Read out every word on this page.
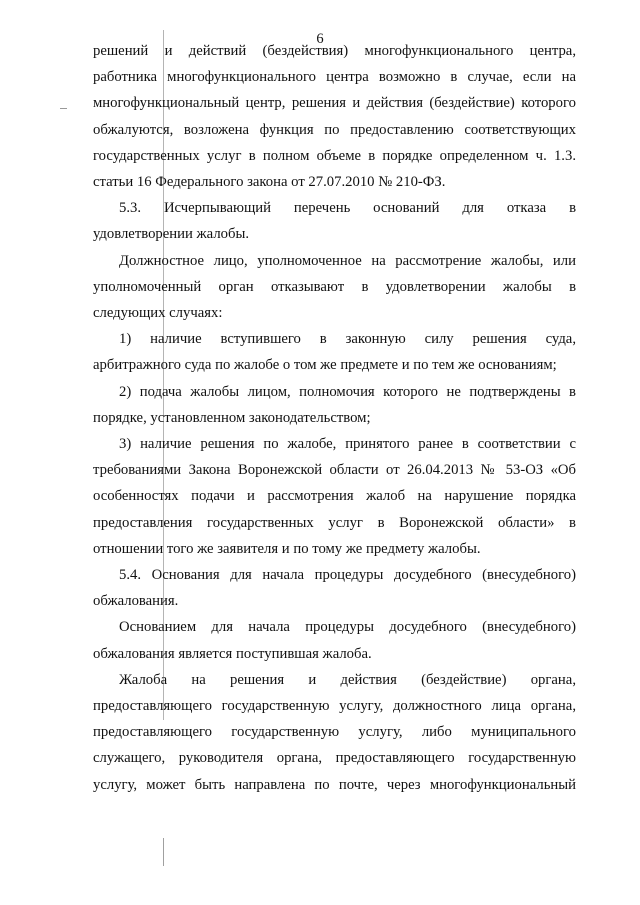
6

решений и действий (бездействия) многофункционального центра,

работника многофункционального центра возможно в случае, если на

многофункциональный центр, решения и действия (бездействие) которого

обжалуются, возложена функция по предоставлению соответствующих

государственных услуг в полном объеме в порядке определенном ч. 1.3.

статьи 16 Федерального закона от 27.07.2010 № 210-ФЗ.

5.3. Исчерпывающий перечень оснований для отказа в

удовлетворении жалобы.

Должностное лицо, уполномоченное на рассмотрение жалобы, или

уполномоченный орган отказывают в удовлетворении жалобы в

следующих случаях:

1) наличие вступившего в законную силу решения суда,

арбитражного суда по жалобе о том же предмете и по тем же основаниям;

2) подача жалобы лицом, полномочия которого не подтверждены в

порядке, установленном законодательством;

3) наличие решения по жалобе, принятого ранее в соответствии с

требованиями Закона Воронежской области от 26.04.2013 № 53-ОЗ «Об

особенностях подачи и рассмотрения жалоб на нарушение порядка

предоставления государственных услуг в Воронежской области» в

отношении того же заявителя и по тому же предмету жалобы.

5.4. Основания для начала процедуры досудебного (внесудебного)

обжалования.

Основанием для начала процедуры досудебного (внесудебного)

обжалования является поступившая жалоба.

Жалоба на решения и действия (бездействие) органа,

предоставляющего государственную услугу, должностного лица органа,

предоставляющего государственную услугу, либо муниципального

служащего, руководителя органа, предоставляющего государственную

услугу, может быть направлена по почте, через многофункциональный
